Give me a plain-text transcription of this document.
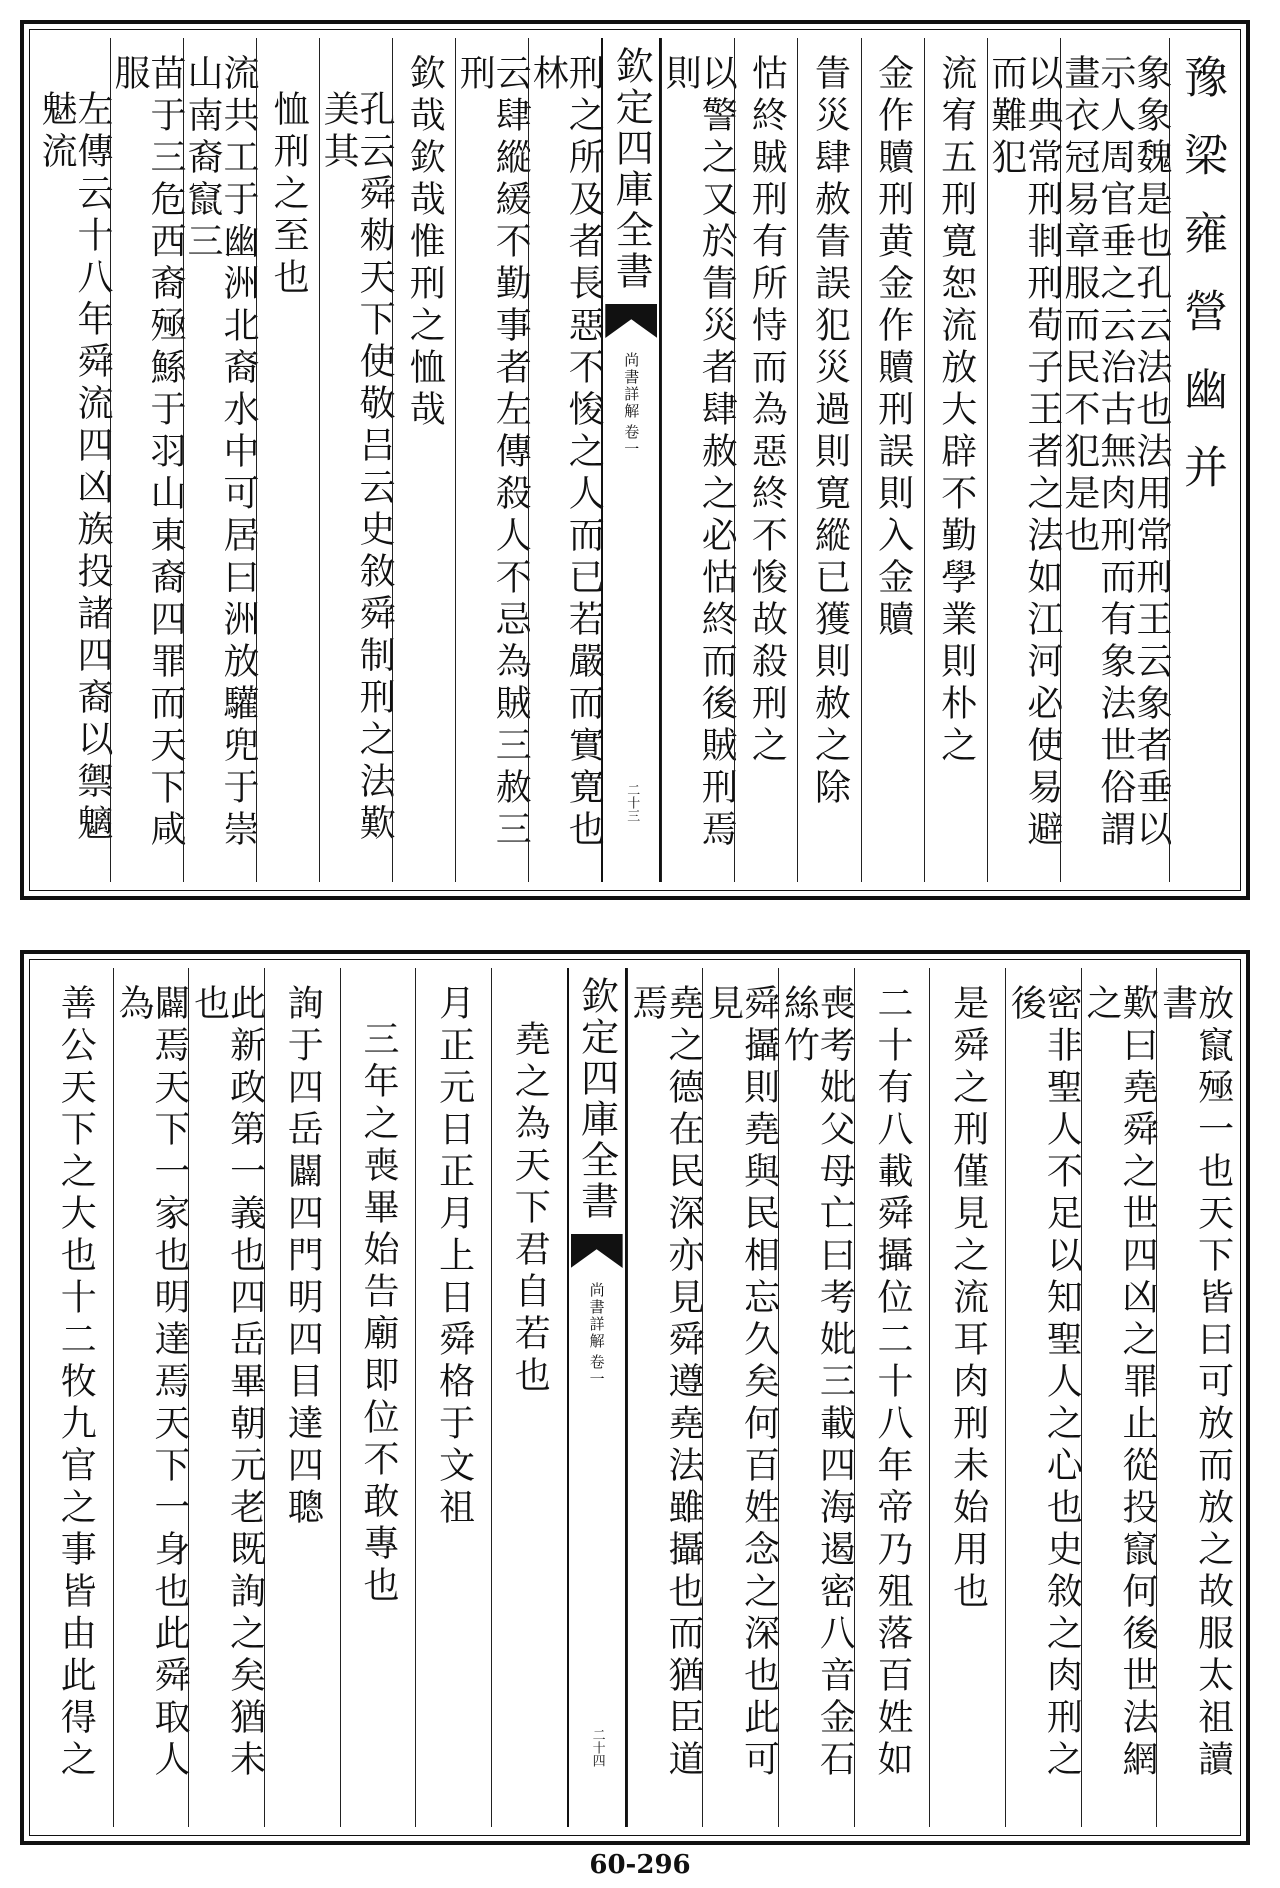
豫梁雍營幽并
象象魏是也孔云法也法用常刑王云象者垂以示人周官垂之云治古無肉刑而有象法世俗謂畫衣冠易章服而民不犯是也
以典常刑剕刑荀子王者之法如江河必使易避而難犯
流宥五刑寛恕流放大辟不勤學業則朴之
金作贖刑黄金作贖刑誤則入金贖
眚災肆赦眚誤犯災過則寛縱已獲則赦之除
怙終賊刑有所恃而為惡終不悛故殺刑之
以警之又於眚災者肆赦之必怙終而後賊刑焉則
欽定四庫全書
尚書詳解
卷一
二十三
刑之所及者長惡不悛之人而已若嚴而實寛也林
云肆縱緩不勤事者左傳殺人不忌為賊三赦三刑
欽哉欽哉惟刑之恤哉
孔云舜勑天下使敬吕云史敘舜制刑之法歎美其
恤刑之至也
流共工于幽洲北裔水中可居曰洲放驩兜于崇山南裔竄三
苗于三危西裔殛鯀于羽山東裔四罪而天下咸服
左傳云十八年舜流四凶族投諸四裔以禦魑魅流
放竄殛一也天下皆曰可放而放之故服太祖讀書
歎曰堯舜之世四凶之罪止從投竄何後世法網之
密非聖人不足以知聖人之心也史敘之肉刑之後
是舜之刑僅見之流耳肉刑未始用也
二十有八載舜攝位二十八年帝乃殂落百姓如
喪考妣父母亡曰考妣三載四海遏密八音金石絲竹
舜攝則堯與民相忘久矣何百姓念之深也此可見
堯之德在民深亦見舜遵堯法雖攝也而猶臣道焉
欽定四庫全書
尚書詳解
卷一
二十四
堯之為天下君自若也
月正元日正月上日舜格于文祖
三年之喪畢始告廟即位不敢專也
詢于四岳闢四門明四目達四聰
此新政第一義也四岳畢朝元老既詢之矣猶未也
闢焉天下一家也明達焉天下一身也此舜取人為
善公天下之大也十二牧九官之事皆由此得之
60-296
